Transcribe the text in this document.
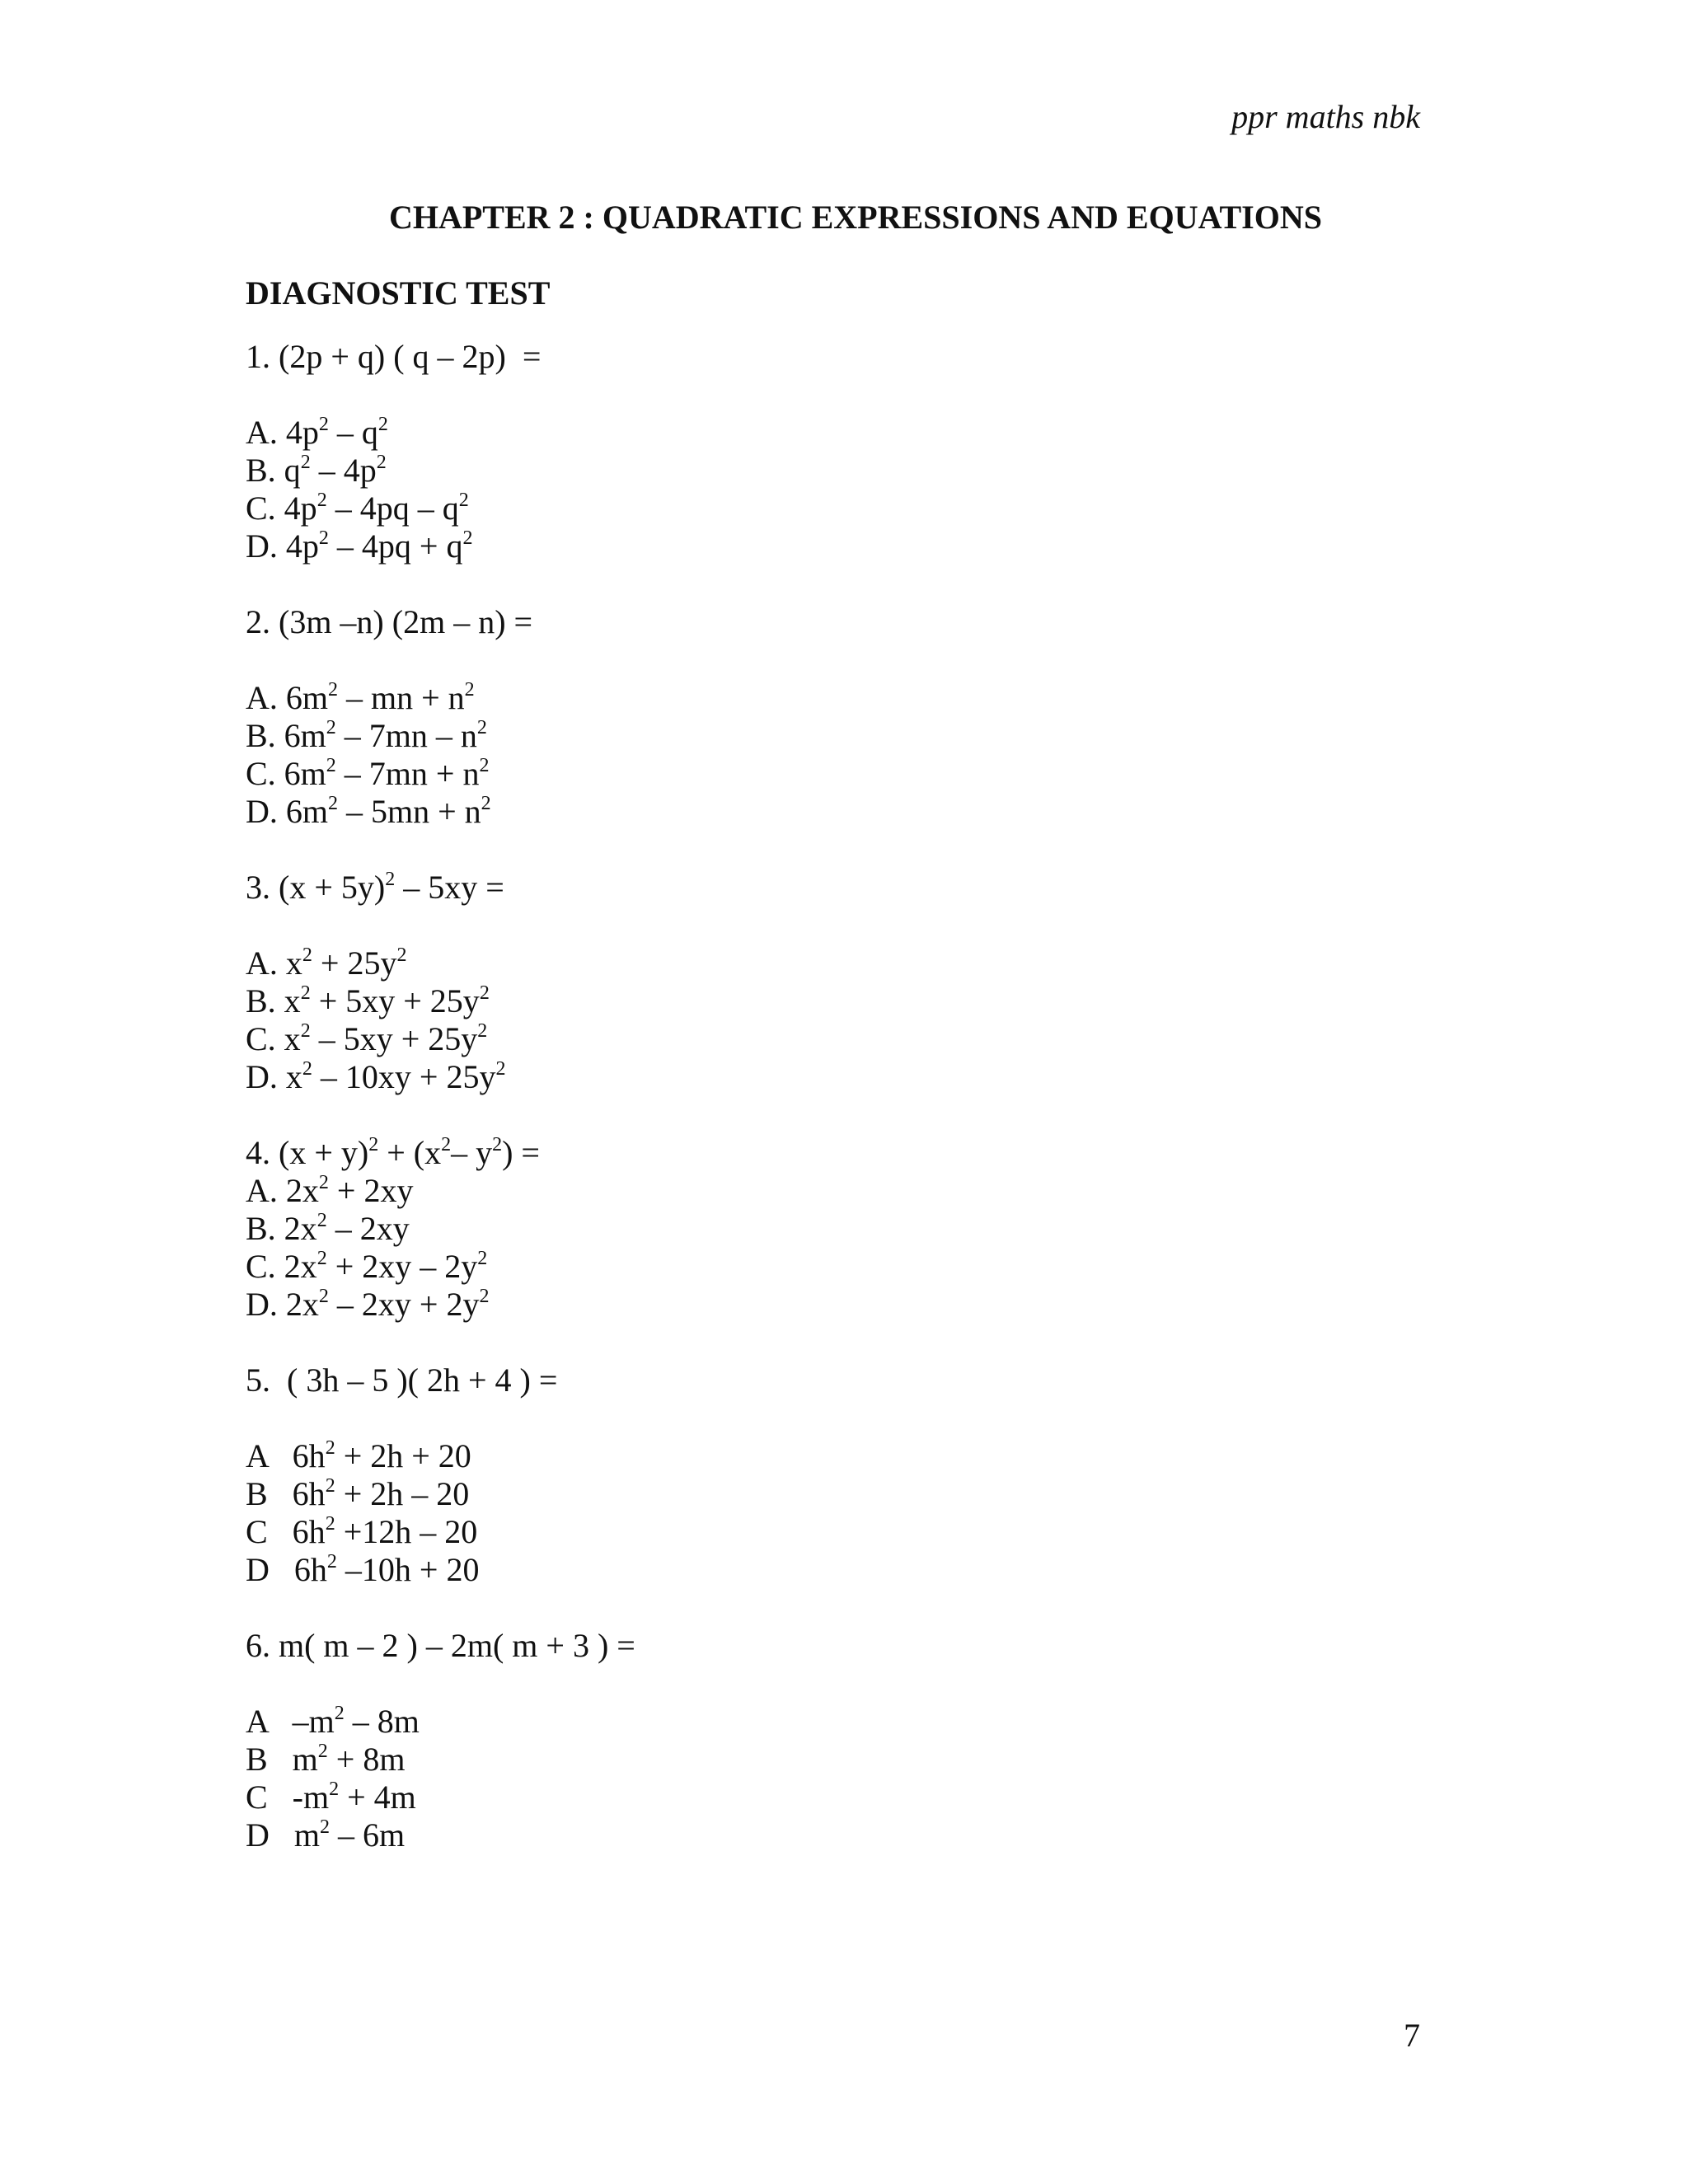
ppr maths nbk
CHAPTER 2 : QUADRATIC EXPRESSIONS AND EQUATIONS
DIAGNOSTIC TEST

1. (2p + q) ( q – 2p)  =

A. $4p^2 - q^2$

B. $q^2 - 4p^2$

C. $4p^2 - 4pq - q^2$

D. $4p^2 - 4pq + q^2$

2. (3m –n) (2m – n) =

A. $6m^2$ – mn + $n^2$

B. $6m^2 - 7mn - n^2$

C. $6m^2 - 7mn + n^2$

D. $6m^2 - 5mn + n^2$

3. $(x + 5y)^2 - 5xy$ =

A. $x^2 + 25y^2$

B. $x^2 + 5xy + 25y^2$

C. $x^2 - 5xy + 25y^2$

D. $x^2 - 10xy + 25y^2$

4. $(x + y)^2 + (x^2-$ $y^2$) =

A. $2x^2 + 2xy$

B. $2x^2 - 2xy$

C. $2x^2 + 2xy - 2y^2$

D. $2x^2 - 2xy + 2y^2$

5.  ( 3h – 5 )( 2h + 4 ) =

A   $6h^2 + 2h + 20$

B   $6h^2 + 2h - 20$

C   $6h^2 +12h - 20$

D   $6h^2$ –10h + 20

6. m( m – 2 ) – 2m( m + 3 ) =

A   $-m^2 - 8m$

B   $m^2 + 8m$

C   $-m^2 + 4m$

D   $m^2 - 6m$

7
